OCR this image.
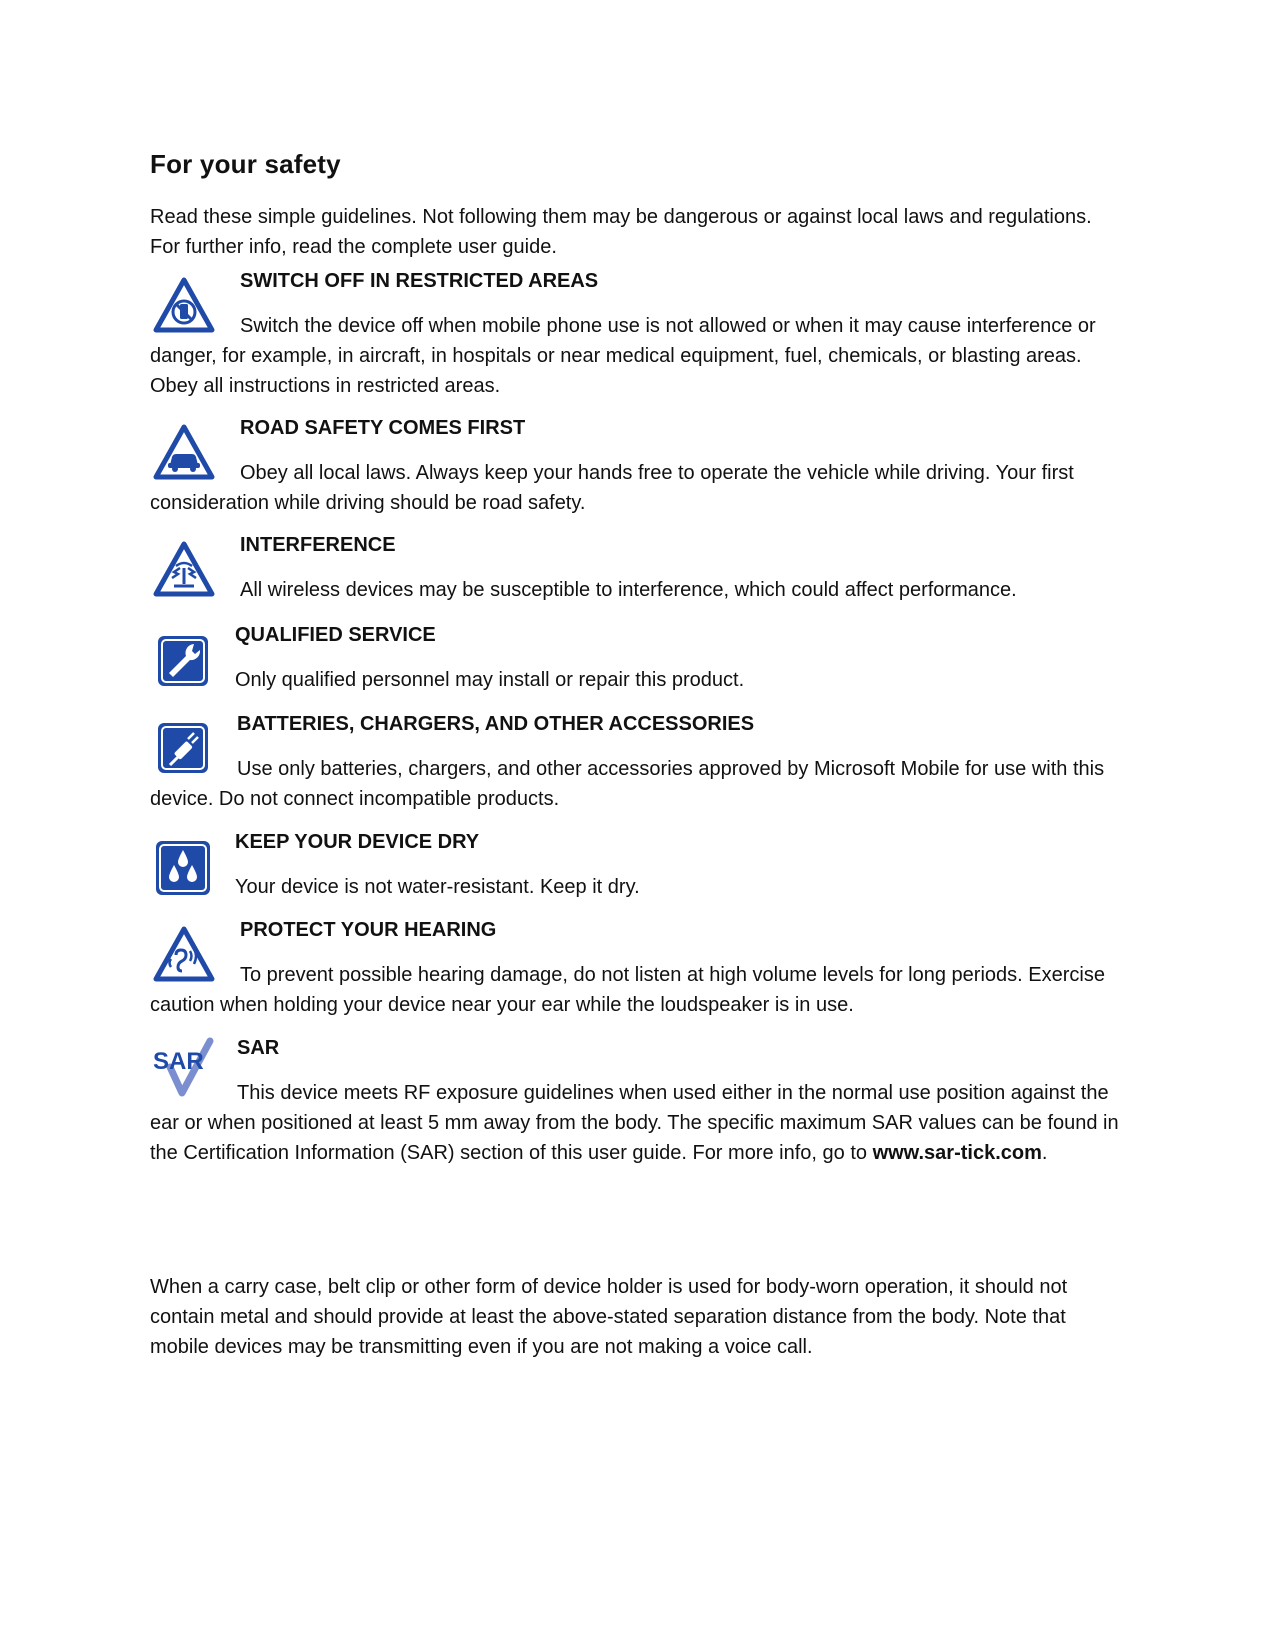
For your safety

Read these simple guidelines. Not following them may be dangerous or against local laws and regulations. For further info, read the complete user guide.

SWITCH OFF IN RESTRICTED AREAS

Switch the device off when mobile phone use is not allowed or when it may cause interference or danger, for example, in aircraft, in hospitals or near medical equipment, fuel, chemicals, or blasting areas. Obey all instructions in restricted areas.

ROAD SAFETY COMES FIRST

Obey all local laws. Always keep your hands free to operate the vehicle while driving. Your first consideration while driving should be road safety.

INTERFERENCE

All wireless devices may be susceptible to interference, which could affect performance.

QUALIFIED SERVICE

Only qualified personnel may install or repair this product.

BATTERIES, CHARGERS, AND OTHER ACCESSORIES

Use only batteries, chargers, and other accessories approved by Microsoft Mobile for use with this device. Do not connect incompatible products.

KEEP YOUR DEVICE DRY

Your device is not water-resistant. Keep it dry.

PROTECT YOUR HEARING

To prevent possible hearing damage, do not listen at high volume levels for long periods. Exercise caution when holding your device near your ear while the loudspeaker is in use.

SAR SAR

This device meets RF exposure guidelines when used either in the normal use position against the ear or when positioned at least 5 mm away from the body. The specific maximum SAR values can be found in the Certification Information (SAR) section of this user guide. For more info, go to www.sar-tick.com.

When a carry case, belt clip or other form of device holder is used for body-worn operation, it should not contain metal and should provide at least the above-stated separation distance from the body. Note that mobile devices may be transmitting even if you are not making a voice call.
